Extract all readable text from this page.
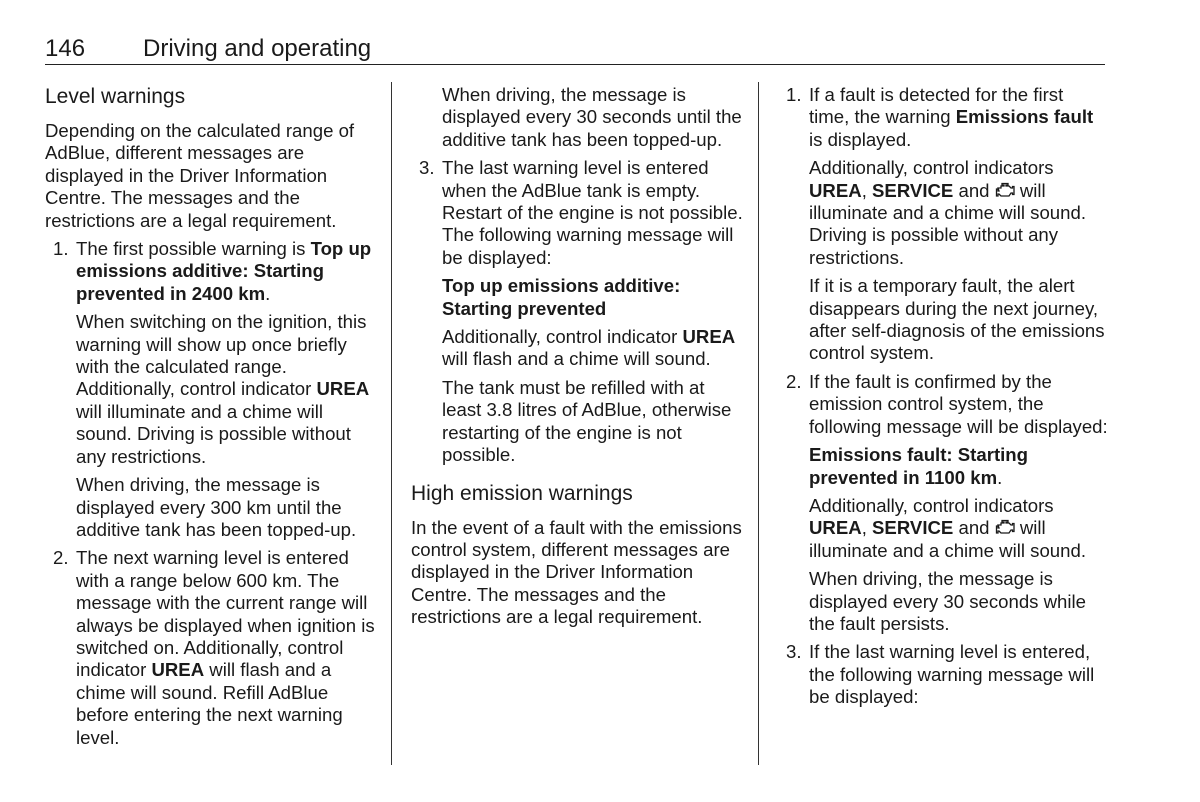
146 Driving and operating
Level warnings

Depending on the calculated range of AdBlue, different messages are displayed in the Driver Information Centre. The messages and the restrictions are a legal requirement.

1. The first possible warning is Top up emissions additive: Starting prevented in 2400 km.

When switching on the ignition, this warning will show up once briefly with the calculated range. Additionally, control indicator UREA will illuminate and a chime will sound. Driving is possible without any restrictions.

When driving, the message is displayed every 300 km until the additive tank has been topped-up.

2. The next warning level is entered with a range below 600 km. The message with the current range will always be displayed when ignition is switched on. Additionally, control indicator UREA will flash and a chime will sound. Refill AdBlue before entering the next warning level.

When driving, the message is displayed every 30 seconds until the additive tank has been topped-up.

3. The last warning level is entered when the AdBlue tank is empty. Restart of the engine is not possible. The following warning message will be displayed:

Top up emissions additive: Starting prevented

Additionally, control indicator UREA will flash and a chime will sound.

The tank must be refilled with at least 3.8 litres of AdBlue, otherwise restarting of the engine is not possible.

High emission warnings

In the event of a fault with the emissions control system, different messages are displayed in the Driver Information Centre. The messages and the restrictions are a legal requirement.

1. If a fault is detected for the first time, the warning Emissions fault is displayed.

Additionally, control indicators UREA, SERVICE and  will illuminate and a chime will sound. Driving is possible without any restrictions.

If it is a temporary fault, the alert disappears during the next journey, after self-diagnosis of the emissions control system.

2. If the fault is confirmed by the emission control system, the following message will be displayed:

Emissions fault: Starting prevented in 1100 km.

Additionally, control indicators UREA, SERVICE and  will illuminate and a chime will sound.

When driving, the message is displayed every 30 seconds while the fault persists.

3. If the last warning level is entered, the following warning message will be displayed:
